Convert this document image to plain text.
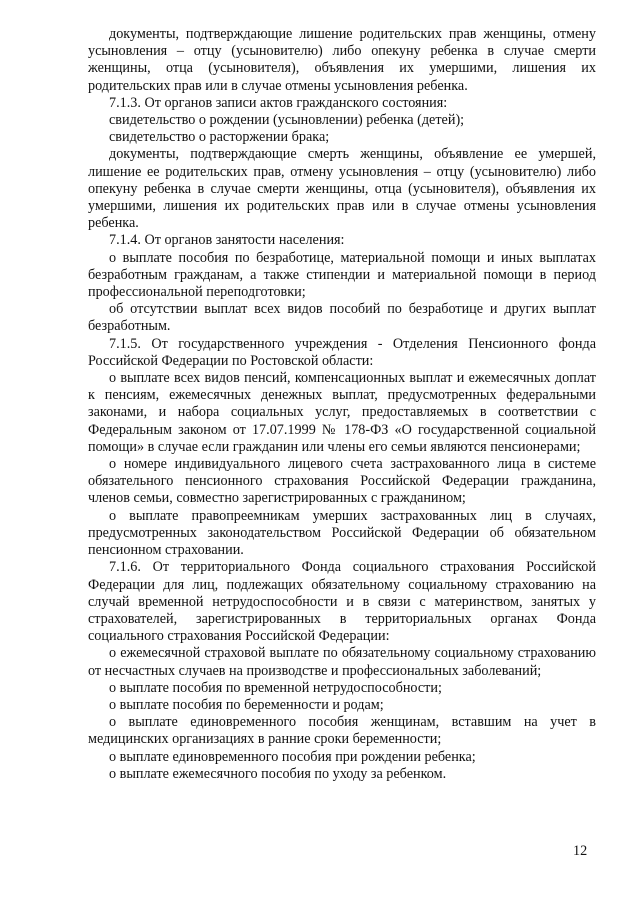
документы, подтверждающие лишение родительских прав женщины, отмену усыновления – отцу (усыновителю) либо опекуну ребенка в случае смерти женщины, отца (усыновителя), объявления их умершими, лишения их родительских прав или в случае отмены усыновления ребенка.

7.1.3. От органов записи актов гражданского состояния:

свидетельство о рождении (усыновлении) ребенка (детей);

свидетельство о расторжении брака;

документы, подтверждающие смерть женщины, объявление ее умершей, лишение ее родительских прав, отмену усыновления – отцу (усыновителю) либо опекуну ребенка в случае смерти женщины, отца (усыновителя), объявления их умершими, лишения их родительских прав или в случае отмены усыновления ребенка.

7.1.4. От органов занятости населения:

о выплате пособия по безработице, материальной помощи и иных выплатах безработным гражданам, а также стипендии и материальной помощи в период профессиональной переподготовки;

об отсутствии выплат всех видов пособий по безработице и других выплат безработным.

7.1.5. От государственного учреждения - Отделения Пенсионного фонда Российской Федерации по Ростовской области:

о выплате всех видов пенсий, компенсационных выплат и ежемесячных доплат к пенсиям, ежемесячных денежных выплат, предусмотренных федеральными законами, и набора социальных услуг, предоставляемых в соответствии с Федеральным законом от 17.07.1999 № 178-ФЗ «О государственной социальной помощи» в случае если гражданин или члены его семьи являются пенсионерами;

о номере индивидуального лицевого счета застрахованного лица в системе обязательного пенсионного страхования Российской Федерации гражданина, членов семьи, совместно зарегистрированных с гражданином;

о выплате правопреемникам умерших застрахованных лиц в случаях, предусмотренных законодательством Российской Федерации об обязательном пенсионном страховании.

7.1.6. От территориального Фонда социального страхования Российской Федерации для лиц, подлежащих обязательному социальному страхованию на случай временной нетрудоспособности и в связи с материнством, занятых у страхователей, зарегистрированных в территориальных органах Фонда социального страхования Российской Федерации:

о ежемесячной страховой выплате по обязательному социальному страхованию от несчастных случаев на производстве и профессиональных заболеваний;

о выплате пособия по временной нетрудоспособности;

о выплате пособия по беременности и родам;

о выплате единовременного пособия женщинам, вставшим на учет в медицинских организациях в ранние сроки беременности;

о выплате единовременного пособия при рождении ребенка;

о выплате ежемесячного пособия по уходу за ребенком.

12
